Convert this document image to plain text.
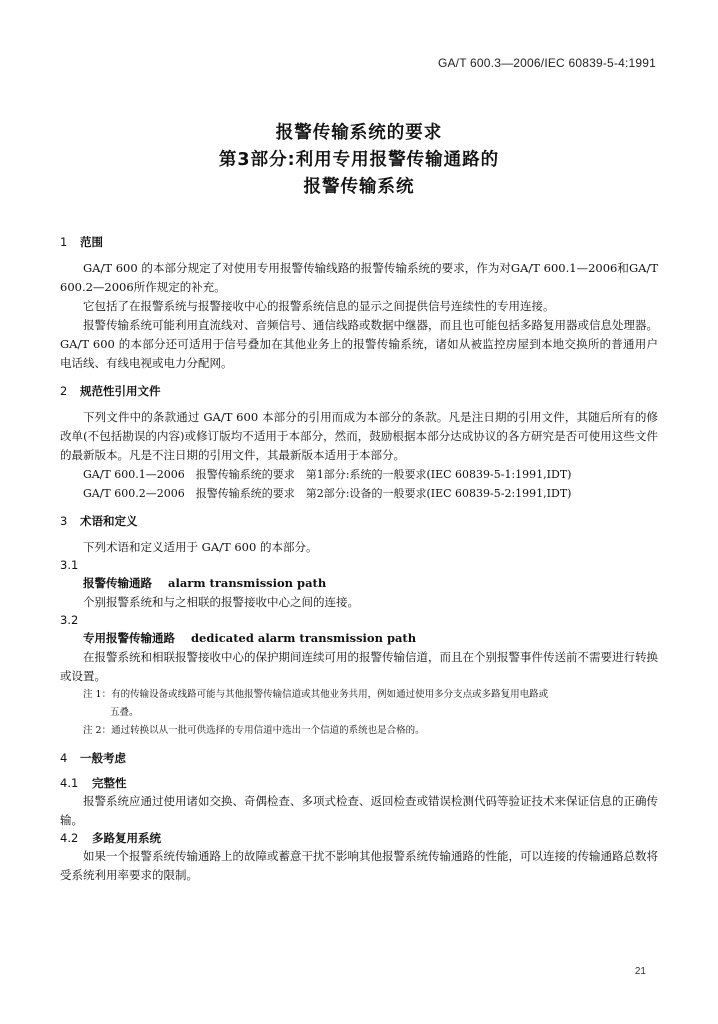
GA/T 600.3—2006/IEC 60839-5-4:1991
报警传输系统的要求
第3部分:利用专用报警传输通路的
报警传输系统
1 范围

GA/T 600 的本部分规定了对使用专用报警传输线路的报警传输系统的要求，作为对GA/T 600.1—2006和GA/T 600.2—2006所作规定的补充。

它包括了在报警系统与报警接收中心的报警系统信息的显示之间提供信号连续性的专用连接。

报警传输系统可能利用直流线对、音频信号、通信线路或数据中继器，而且也可能包括多路复用器或信息处理器。GA/T 600 的本部分还可适用于信号叠加在其他业务上的报警传输系统，诸如从被监控房屋到本地交换所的普通用户电话线、有线电视或电力分配网。

2 规范性引用文件

下列文件中的条款通过 GA/T 600 本部分的引用而成为本部分的条款。凡是注日期的引用文件，其随后所有的修改单(不包括勘误的内容)或修订版均不适用于本部分，然而，鼓励根据本部分达成协议的各方研究是否可使用这些文件的最新版本。凡是不注日期的引用文件，其最新版本适用于本部分。

GA/T 600.1—2006　报警传输系统的要求　第1部分:系统的一般要求(IEC 60839-5-1:1991,IDT)

GA/T 600.2—2006　报警传输系统的要求　第2部分:设备的一般要求(IEC 60839-5-2:1991,IDT)

3 术语和定义

下列术语和定义适用于 GA/T 600 的本部分。

3.1

报警传输通路 alarm transmission path

个别报警系统和与之相联的报警接收中心之间的连接。

3.2

专用报警传输通路 dedicated alarm transmission path

在报警系统和相联报警接收中心的保护期间连续可用的报警传输信道，而且在个别报警事件传送前不需要进行转换或设置。

注 1：有的传输设备或线路可能与其他报警传输信道或其他业务共用，例如通过使用多分支点或多路复用电路或

五叠。

注 2：通过转换以从一批可供选择的专用信道中选出一个信道的系统也是合格的。

4 一般考虑
4.1 完整性

报警系统应通过使用诸如交换、奇偶检查、多项式检查、返回检查或错误检测代码等验证技术来保证信息的正确传输。

4.2 多路复用系统

如果一个报警系统传输通路上的故障或蓄意干扰不影响其他报警系统传输通路的性能，可以连接的传输通路总数将受系统利用率要求的限制。

21
